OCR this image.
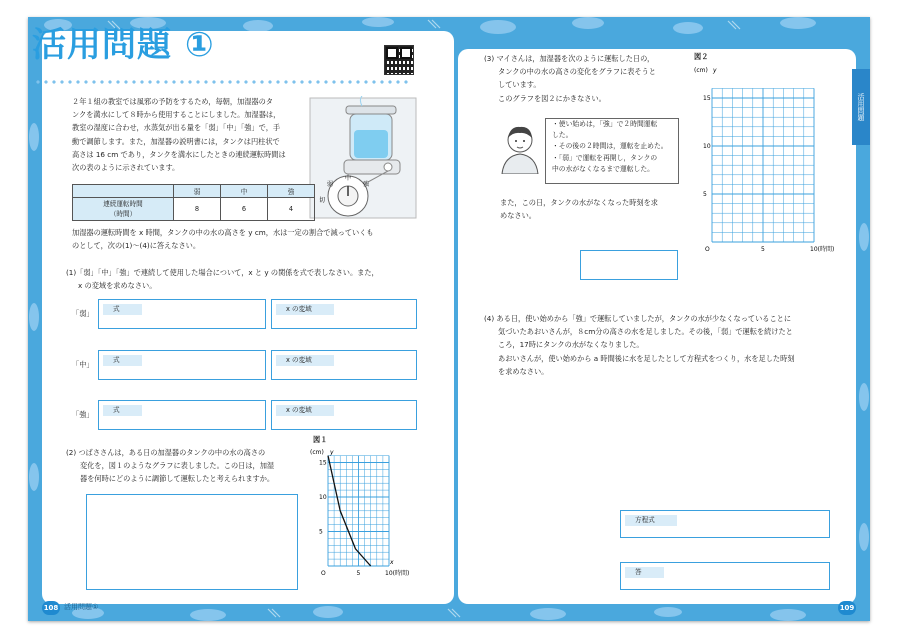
活用問題
108 活用問題①	109
活用問題 ①
２年１組の教室では風邪の予防をするため，毎朝，加湿器のタ
ンクを満水にして８時から使用することにしました。加湿器は，
教室の湿度に合わせ，水蒸気が出る量を「弱」「中」「強」で，手
動で調節します。また，加湿器の説明書には，タンクは円柱状で
高さは 16 cm であり，タンクを満水にしたときの連続運転時間は
次の表のように示されています。
中
弱	強
切
	弱	中	強

連続運転時間
（時間）	8	6	4
加湿器の運転時間を x 時間，タンクの中の水の高さを y cm，水は一定の割合で減っていくも
のとして，次の(1)～(4)に答えなさい。
(1)「弱」「中」「強」で連続して使用した場合について，x と y の関係を式で表しなさい。また，
x の変域を求めなさい。
「弱」	式	x の変域
「中」	式	x の変域
「強」	式	x の変域
(2) つばささんは，ある日の加湿器のタンクの中の水の高さの
変化を，図１のようなグラフに表しました。この日は，加湿
器を何時にどのように調節して運転したと考えられますか。
図１
(cm) y
O	10(時間)
x
5
10
15
5
(3) マイさんは，加湿器を次のように運転した日の，
タンクの中の水の高さの変化をグラフに表そうと
しています。
このグラフを図２にかきなさい。
・使い始めは，「強」で２時間運転
した。
・その後の２時間は，運転を止めた。
・「弱」で運転を再開し，タンクの
中の水がなくなるまで運転した。
また，この日，タンクの水がなくなった時刻を求
めなさい。
図２
(cm) y
O	10(時間)
5
10
15
5
(4) ある日，使い始めから「強」で運転していましたが，タンクの水が少なくなっていることに
気づいたあおいさんが，８cm分の高さの水を足しました。その後，「弱」で運転を続けたと
ころ，17時にタンクの水がなくなりました。
あおいさんが，使い始めから a 時間後に水を足したとして方程式をつくり，水を足した時刻
を求めなさい。
方程式
答
